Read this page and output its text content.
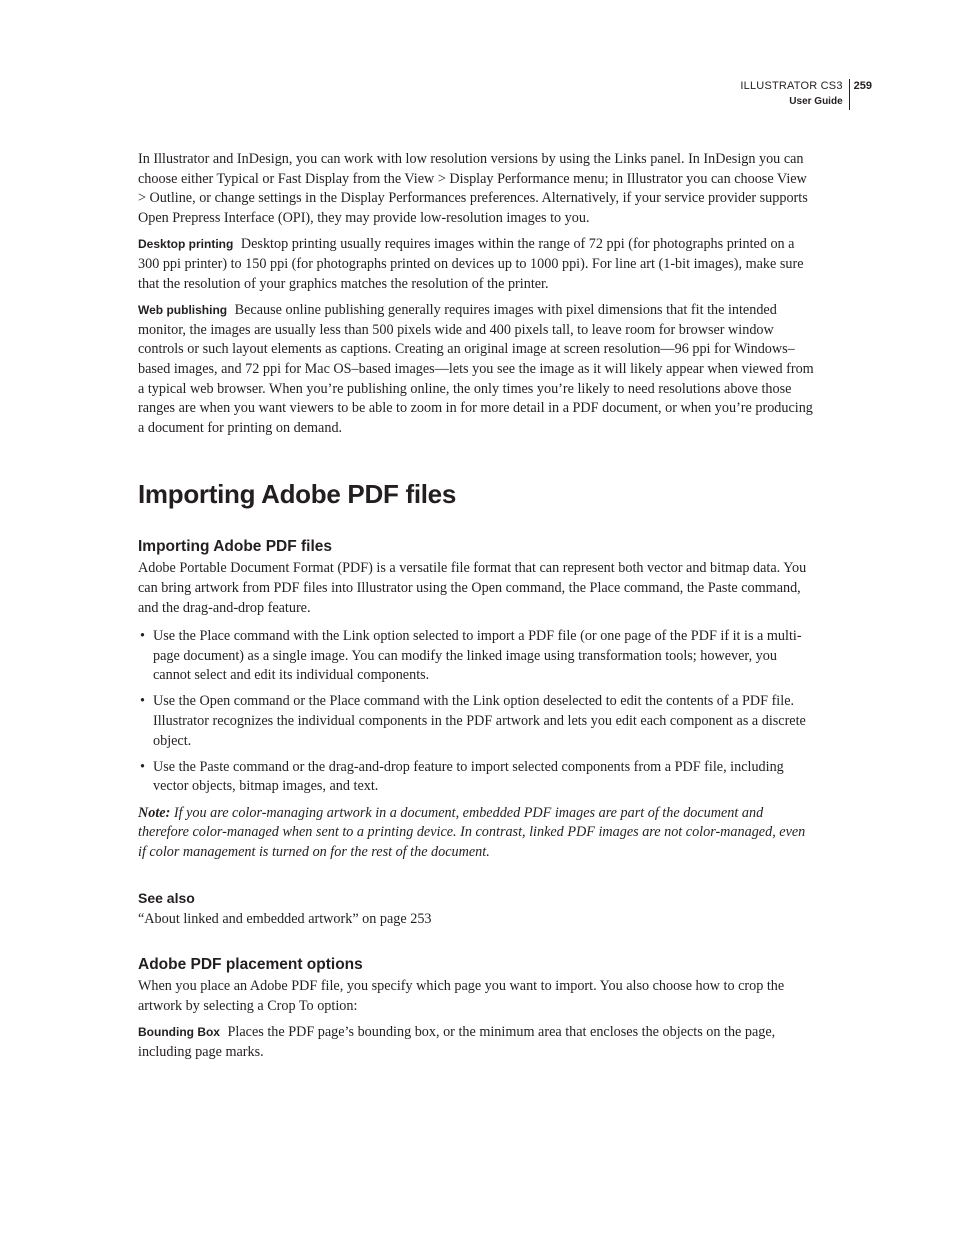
ILLUSTRATOR CS3
User Guide
259

In Illustrator and InDesign, you can work with low resolution versions by using the Links panel. In InDesign you can choose either Typical or Fast Display from the View > Display Performance menu; in Illustrator you can choose View > Outline, or change settings in the Display Performances preferences. Alternatively, if your service provider supports Open Prepress Interface (OPI), they may provide low-resolution images to you.

Desktop printing Desktop printing usually requires images within the range of 72 ppi (for photographs printed on a 300 ppi printer) to 150 ppi (for photographs printed on devices up to 1000 ppi). For line art (1-bit images), make sure that the resolution of your graphics matches the resolution of the printer.

Web publishing Because online publishing generally requires images with pixel dimensions that fit the intended monitor, the images are usually less than 500 pixels wide and 400 pixels tall, to leave room for browser window controls or such layout elements as captions. Creating an original image at screen resolution—96 ppi for Windows–based images, and 72 ppi for Mac OS–based images—lets you see the image as it will likely appear when viewed from a typical web browser. When you’re publishing online, the only times you’re likely to need resolutions above those ranges are when you want viewers to be able to zoom in for more detail in a PDF document, or when you’re producing a document for printing on demand.

Importing Adobe PDF files
Importing Adobe PDF files

Adobe Portable Document Format (PDF) is a versatile file format that can represent both vector and bitmap data. You can bring artwork from PDF files into Illustrator using the Open command, the Place command, the Paste command, and the drag-and-drop feature.

• Use the Place command with the Link option selected to import a PDF file (or one page of the PDF if it is a multi-page document) as a single image. You can modify the linked image using transformation tools; however, you cannot select and edit its individual components.
• Use the Open command or the Place command with the Link option deselected to edit the contents of a PDF file. Illustrator recognizes the individual components in the PDF artwork and lets you edit each component as a discrete object.
• Use the Paste command or the drag-and-drop feature to import selected components from a PDF file, including vector objects, bitmap images, and text.

Note: If you are color-managing artwork in a document, embedded PDF images are part of the document and therefore color-managed when sent to a printing device. In contrast, linked PDF images are not color-managed, even if color management is turned on for the rest of the document.

See also

“About linked and embedded artwork” on page 253

Adobe PDF placement options

When you place an Adobe PDF file, you specify which page you want to import. You also choose how to crop the artwork by selecting a Crop To option:

Bounding Box Places the PDF page’s bounding box, or the minimum area that encloses the objects on the page, including page marks.
